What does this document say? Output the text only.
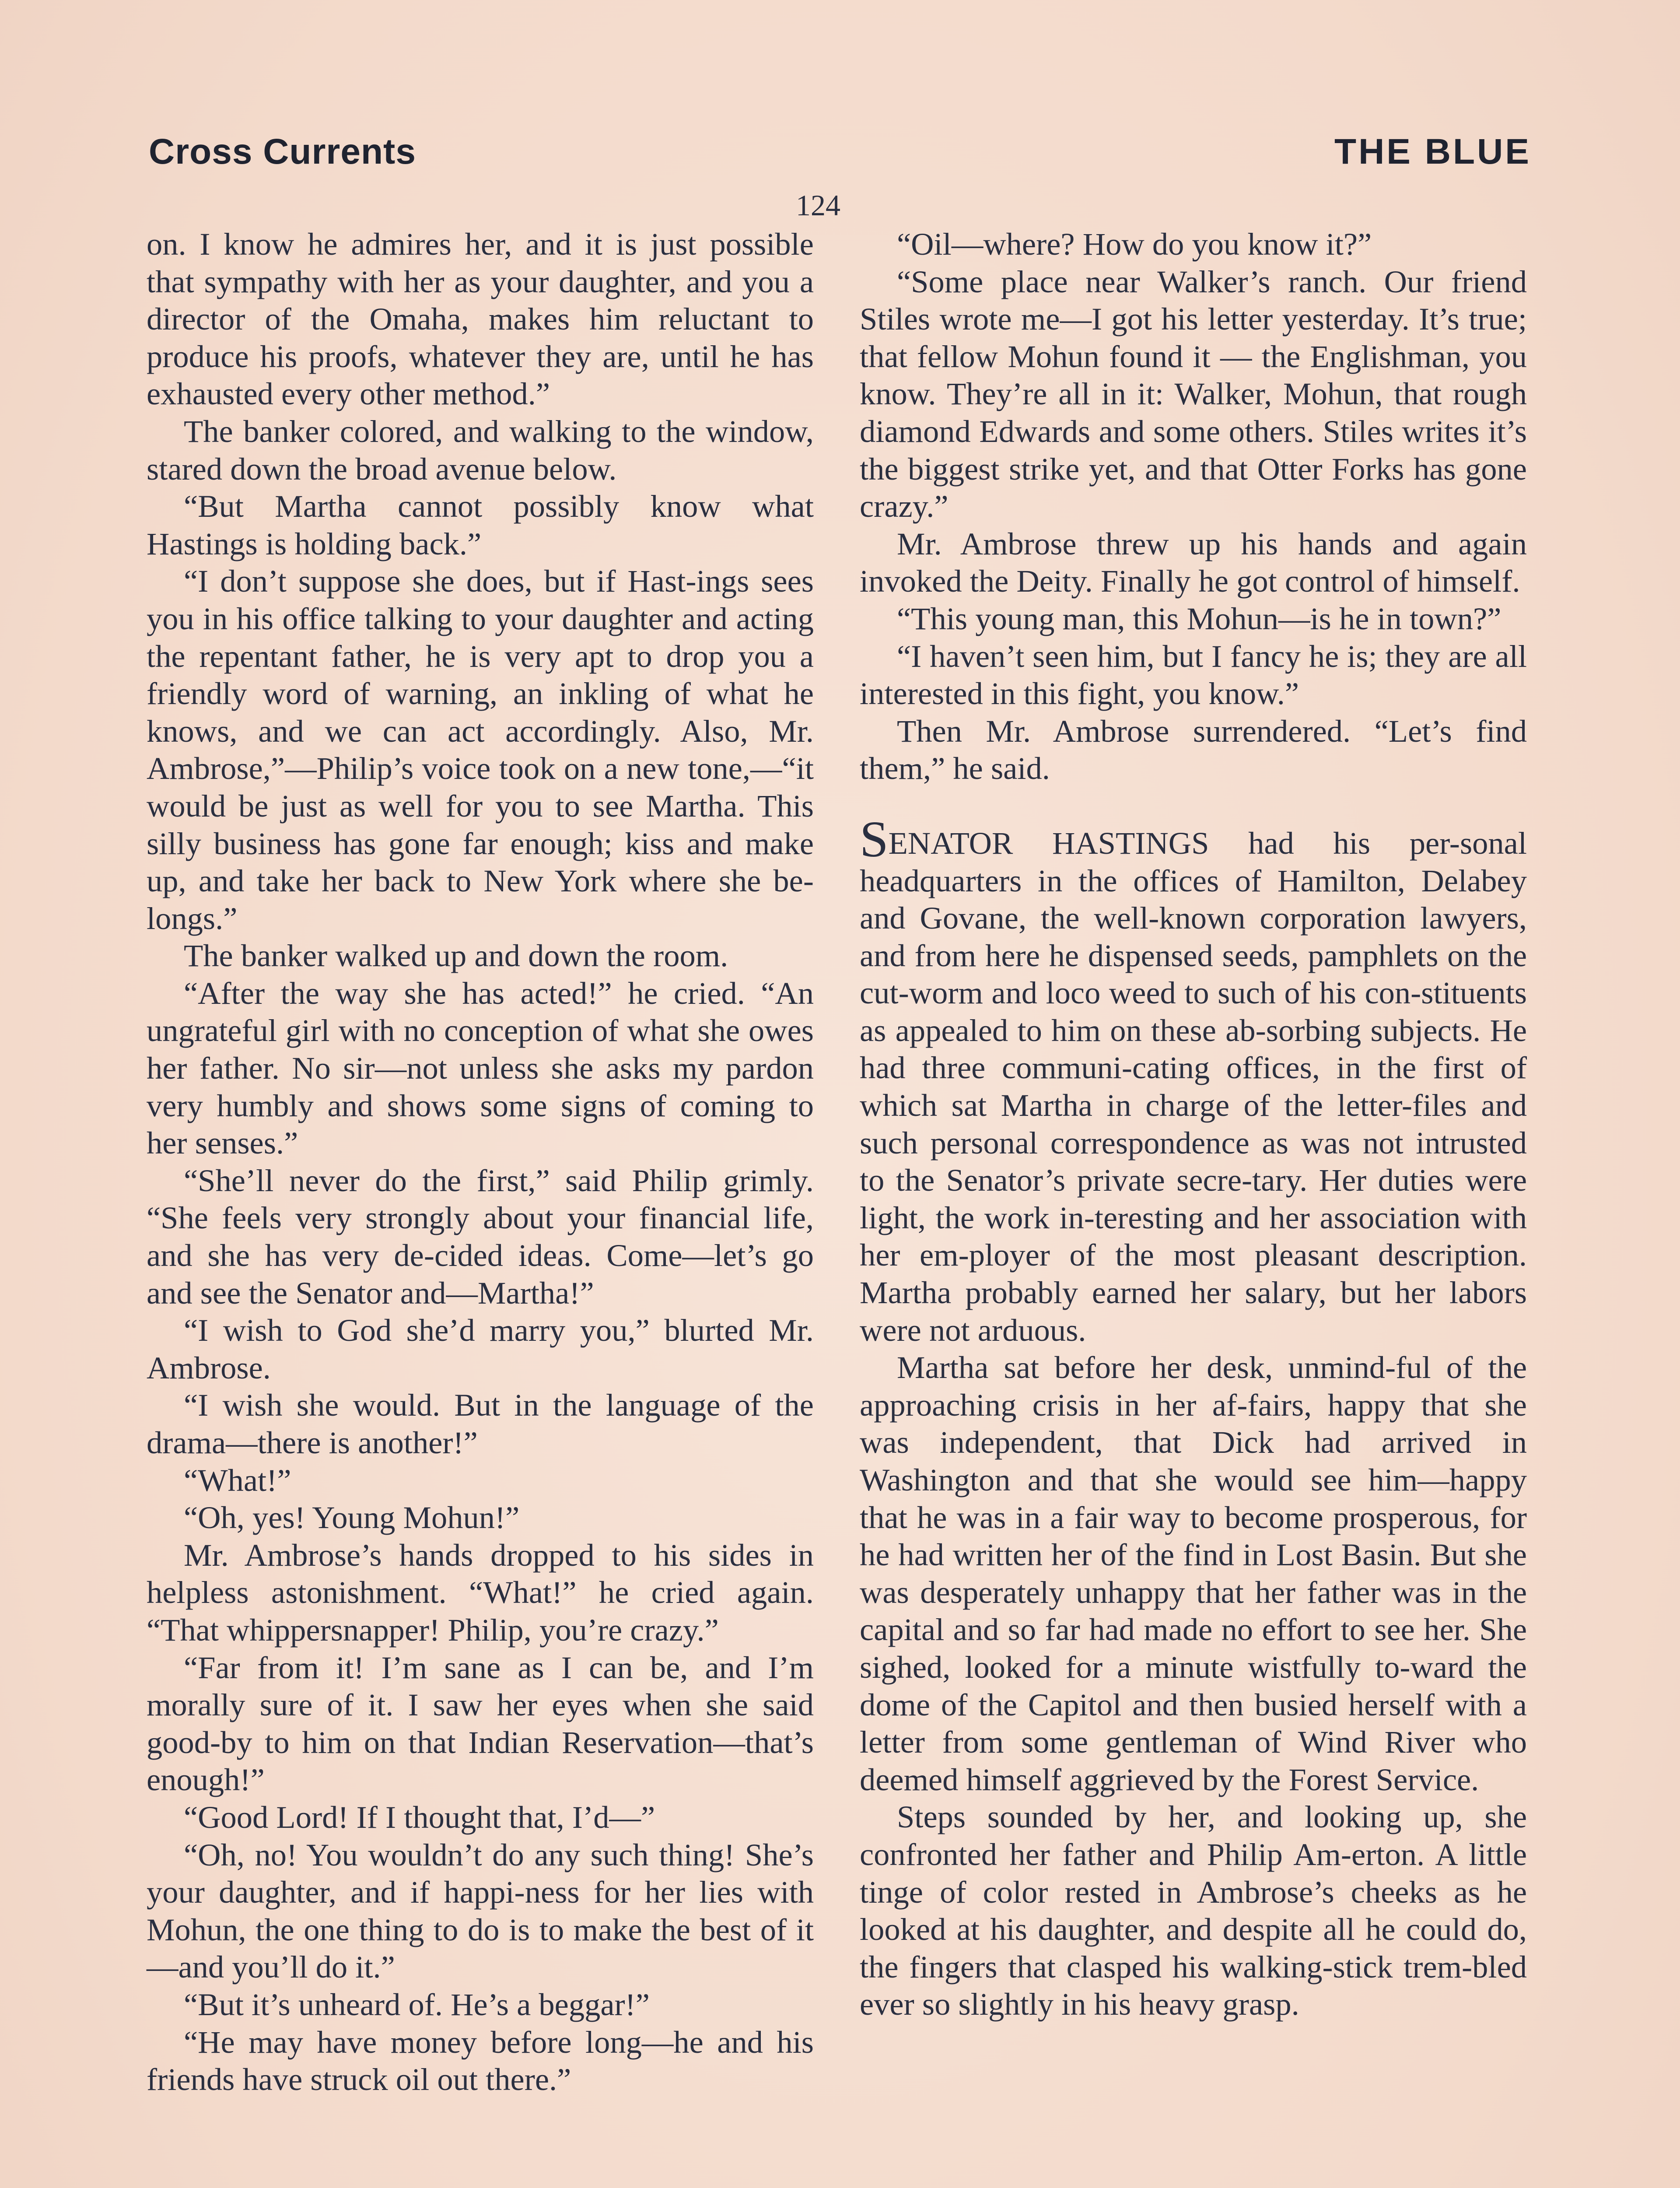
Cross Currents	THE BLUE
124

on. I know he admires her, and it is just possible that sympathy with her as your daughter, and you a director of the Omaha, makes him reluctant to produce his proofs, whatever they are, until he has exhausted every other method.”

The banker colored, and walking to the window, stared down the broad avenue below.

“But Martha cannot possibly know what Hastings is holding back.”

“I don’t suppose she does, but if Hast-ings sees you in his office talking to your daughter and acting the repentant father, he is very apt to drop you a friendly word of warning, an inkling of what he knows, and we can act accordingly. Also, Mr. Ambrose,”—Philip’s voice took on a new tone,—“it would be just as well for you to see Martha. This silly business has gone far enough; kiss and make up, and take her back to New York where she be-longs.”

The banker walked up and down the room.

“After the way she has acted!” he cried. “An ungrateful girl with no conception of what she owes her father. No sir—not unless she asks my pardon very humbly and shows some signs of coming to her senses.”

“She’ll never do the first,” said Philip grimly. “She feels very strongly about your financial life, and she has very de-cided ideas. Come—let’s go and see the Senator and—Martha!”

“I wish to God she’d marry you,” blurted Mr. Ambrose.

“I wish she would. But in the language of the drama—there is another!”

“What!”

“Oh, yes! Young Mohun!”

Mr. Ambrose’s hands dropped to his sides in helpless astonishment. “What!” he cried again. “That whippersnapper! Philip, you’re crazy.”

“Far from it! I’m sane as I can be, and I’m morally sure of it. I saw her eyes when she said good-by to him on that Indian Reservation—that’s enough!”

“Good Lord! If I thought that, I’d—”

“Oh, no! You wouldn’t do any such thing! She’s your daughter, and if happi-ness for her lies with Mohun, the one thing to do is to make the best of it—and you’ll do it.”

“But it’s unheard of. He’s a beggar!”

“He may have money before long—he and his friends have struck oil out there.”

“Oil—where? How do you know it?”

“Some place near Walker’s ranch. Our friend Stiles wrote me—I got his letter yesterday. It’s true; that fellow Mohun found it — the Englishman, you know. They’re all in it: Walker, Mohun, that rough diamond Edwards and some others. Stiles writes it’s the biggest strike yet, and that Otter Forks has gone crazy.”

Mr. Ambrose threw up his hands and again invoked the Deity. Finally he got control of himself.

“This young man, this Mohun—is he in town?”

“I haven’t seen him, but I fancy he is; they are all interested in this fight, you know.”

Then Mr. Ambrose surrendered. “Let’s find them,” he said.

SENATOR HASTINGS had his per-sonal headquarters in the offices of Hamilton, Delabey and Govane, the well-known corporation lawyers, and from here he dispensed seeds, pamphlets on the cut-worm and loco weed to such of his con-stituents as appealed to him on these ab-sorbing subjects. He had three communi-cating offices, in the first of which sat Martha in charge of the letter-files and such personal correspondence as was not intrusted to the Senator’s private secre-tary. Her duties were light, the work in-teresting and her association with her em-ployer of the most pleasant description. Martha probably earned her salary, but her labors were not arduous.

Martha sat before her desk, unmind-ful of the approaching crisis in her af-fairs, happy that she was independent, that Dick had arrived in Washington and that she would see him—happy that he was in a fair way to become prosperous, for he had written her of the find in Lost Basin. But she was desperately unhappy that her father was in the capital and so far had made no effort to see her. She sighed, looked for a minute wistfully to-ward the dome of the Capitol and then busied herself with a letter from some gentleman of Wind River who deemed himself aggrieved by the Forest Service.

Steps sounded by her, and looking up, she confronted her father and Philip Am-erton. A little tinge of color rested in Ambrose’s cheeks as he looked at his daughter, and despite all he could do, the fingers that clasped his walking-stick trem-bled ever so slightly in his heavy grasp.
